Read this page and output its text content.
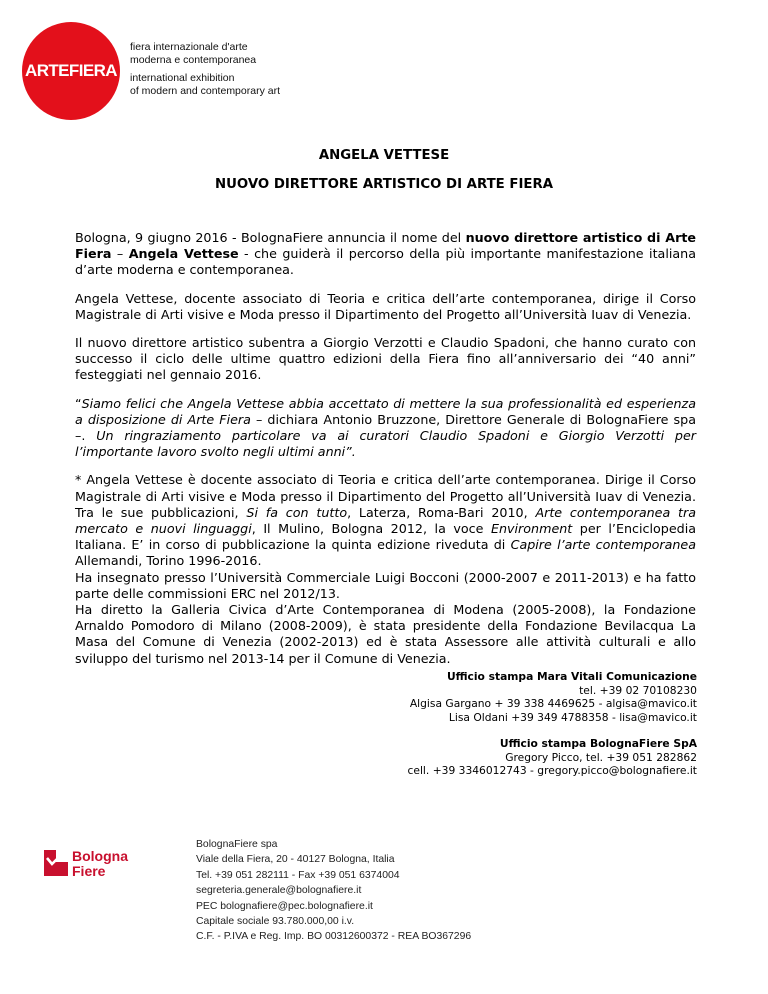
ARTEFIERA

fiera internazionale d'arte
moderna e contemporanea

international exhibition
of modern and contemporary art

ANGELA VETTESE
NUOVO DIRETTORE ARTISTICO DI ARTE FIERA

Bologna, 9 giugno 2016 - BolognaFiere annuncia il nome del nuovo direttore artistico di Arte Fiera – Angela Vettese - che guiderà il percorso della più importante manifestazione italiana d’arte moderna e contemporanea.

Angela Vettese, docente associato di Teoria e critica dell’arte contemporanea, dirige il Corso Magistrale di Arti visive e Moda presso il Dipartimento del Progetto all’Università Iuav di Venezia.

Il nuovo direttore artistico subentra a Giorgio Verzotti e Claudio Spadoni, che hanno curato con successo il ciclo delle ultime quattro edizioni della Fiera fino all’anniversario dei “40 anni” festeggiati nel gennaio 2016.

“Siamo felici che Angela Vettese abbia accettato di mettere la sua professionalità ed esperienza a disposizione di Arte Fiera – dichiara Antonio Bruzzone, Direttore Generale di BolognaFiere spa –. Un ringraziamento particolare va ai curatori Claudio Spadoni e Giorgio Verzotti per l’importante lavoro svolto negli ultimi anni”.

* Angela Vettese è docente associato di Teoria e critica dell’arte contemporanea. Dirige il Corso Magistrale di Arti visive e Moda presso il Dipartimento del Progetto all’Università Iuav di Venezia. Tra le sue pubblicazioni, Si fa con tutto, Laterza, Roma-Bari 2010, Arte contemporanea tra mercato e nuovi linguaggi, Il Mulino, Bologna 2012, la voce Environment per l’Enciclopedia Italiana. E’ in corso di pubblicazione la quinta edizione riveduta di Capire l’arte contemporanea Allemandi, Torino 1996-2016.
Ha insegnato presso l’Università Commerciale Luigi Bocconi (2000-2007 e 2011-2013) e ha fatto parte delle commissioni ERC nel 2012/13.
Ha diretto la Galleria Civica d’Arte Contemporanea di Modena (2005-2008), la Fondazione Arnaldo Pomodoro di Milano (2008-2009), è stata presidente della Fondazione Bevilacqua La Masa del Comune di Venezia (2002-2013) ed è stata Assessore alle attività culturali e allo sviluppo del turismo nel 2013-14 per il Comune di Venezia.

Ufficio stampa Mara Vitali Comunicazione

tel. +39 02 70108230

Algisa Gargano + 39 338 4469625 - algisa@mavico.it

Lisa Oldani +39 349 4788358 - lisa@mavico.it

Ufficio stampa BolognaFiere SpA

Gregory Picco, tel. +39 051 282862

cell. +39 3346012743 - gregory.picco@bolognafiere.it

Bologna
Fiere

BolognaFiere spa

Viale della Fiera, 20 - 40127 Bologna, Italia

Tel. +39 051 282111 - Fax +39 051 6374004

segreteria.generale@bolognafiere.it

PEC bolognafiere@pec.bolognafiere.it

Capitale sociale 93.780.000,00 i.v.

C.F. - P.IVA e Reg. Imp. BO 00312600372 - REA BO367296
